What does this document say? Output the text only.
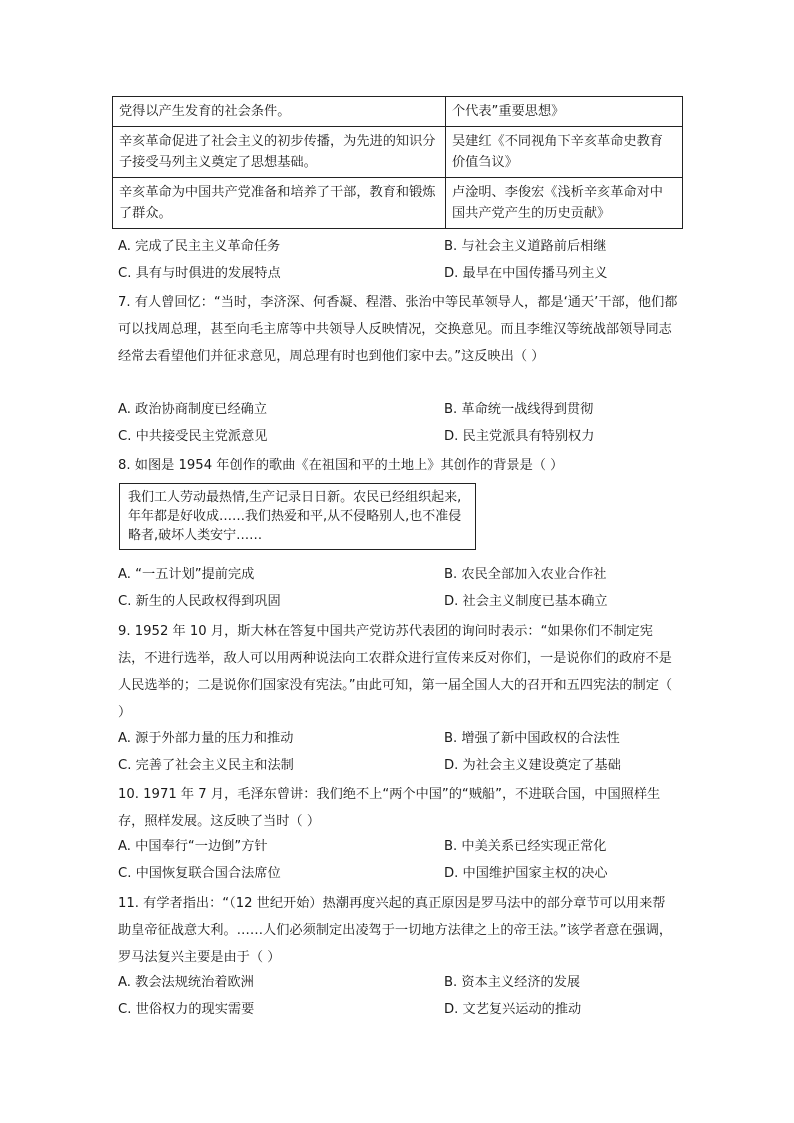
党得以产生发育的社会条件。	个代表”重要思想》
辛亥革命促进了社会主义的初步传播，为先进的知识分子接受马列主义奠定了思想基础。	吴建红《不同视角下辛亥革命史教育价值刍议》
辛亥革命为中国共产党准备和培养了干部，教育和锻炼了群众。	卢淦明、李俊宏《浅析辛亥革命对中国共产党产生的历史贡献》
A. 完成了民主主义革命任务	B. 与社会主义道路前后相继
C. 具有与时俱进的发展特点	D. 最早在中国传播马列主义
7. 有人曾回忆：“当时，李济深、何香凝、程潜、张治中等民革领导人，都是‘通天’干部，他们都可以找周总理，甚至向毛主席等中共领导人反映情况，交换意见。而且李维汉等统战部领导同志经常去看望他们并征求意见，周总理有时也到他们家中去。”这反映出（ ）
A. 政治协商制度已经确立	B. 革命统一战线得到贯彻
C. 中共接受民主党派意见	D. 民主党派具有特别权力
8. 如图是 1954 年创作的歌曲《在祖国和平的土地上》其创作的背景是（ ）
我们工人劳动最热情,生产记录日日新。农民已经组织起来,年年都是好收成……我们热爱和平,从不侵略别人,也不准侵略者,破坏人类安宁……
A. “一五计划”提前完成	B. 农民全部加入农业合作社
C. 新生的人民政权得到巩固	D. 社会主义制度已基本确立
9. 1952 年 10 月，斯大林在答复中国共产党访苏代表团的询问时表示：“如果你们不制定宪法，不进行选举，敌人可以用两种说法向工农群众进行宣传来反对你们，一是说你们的政府不是人民选举的；二是说你们国家没有宪法。”由此可知，第一届全国人大的召开和五四宪法的制定（ ）
A. 源于外部力量的压力和推动	B. 增强了新中国政权的合法性
C. 完善了社会主义民主和法制	D. 为社会主义建设奠定了基础
10. 1971 年 7 月，毛泽东曾讲：我们绝不上“两个中国”的“贼船”，不进联合国，中国照样生存，照样发展。这反映了当时（ ）
A. 中国奉行“一边倒”方针	B. 中美关系已经实现正常化
C. 中国恢复联合国合法席位	D. 中国维护国家主权的决心
11. 有学者指出：“（12 世纪开始）热潮再度兴起的真正原因是罗马法中的部分章节可以用来帮助皇帝征战意大利。……人们必须制定出凌驾于一切地方法律之上的帝王法。”该学者意在强调，罗马法复兴主要是由于（ ）
A. 教会法规统治着欧洲	B. 资本主义经济的发展
C. 世俗权力的现实需要	D. 文艺复兴运动的推动
